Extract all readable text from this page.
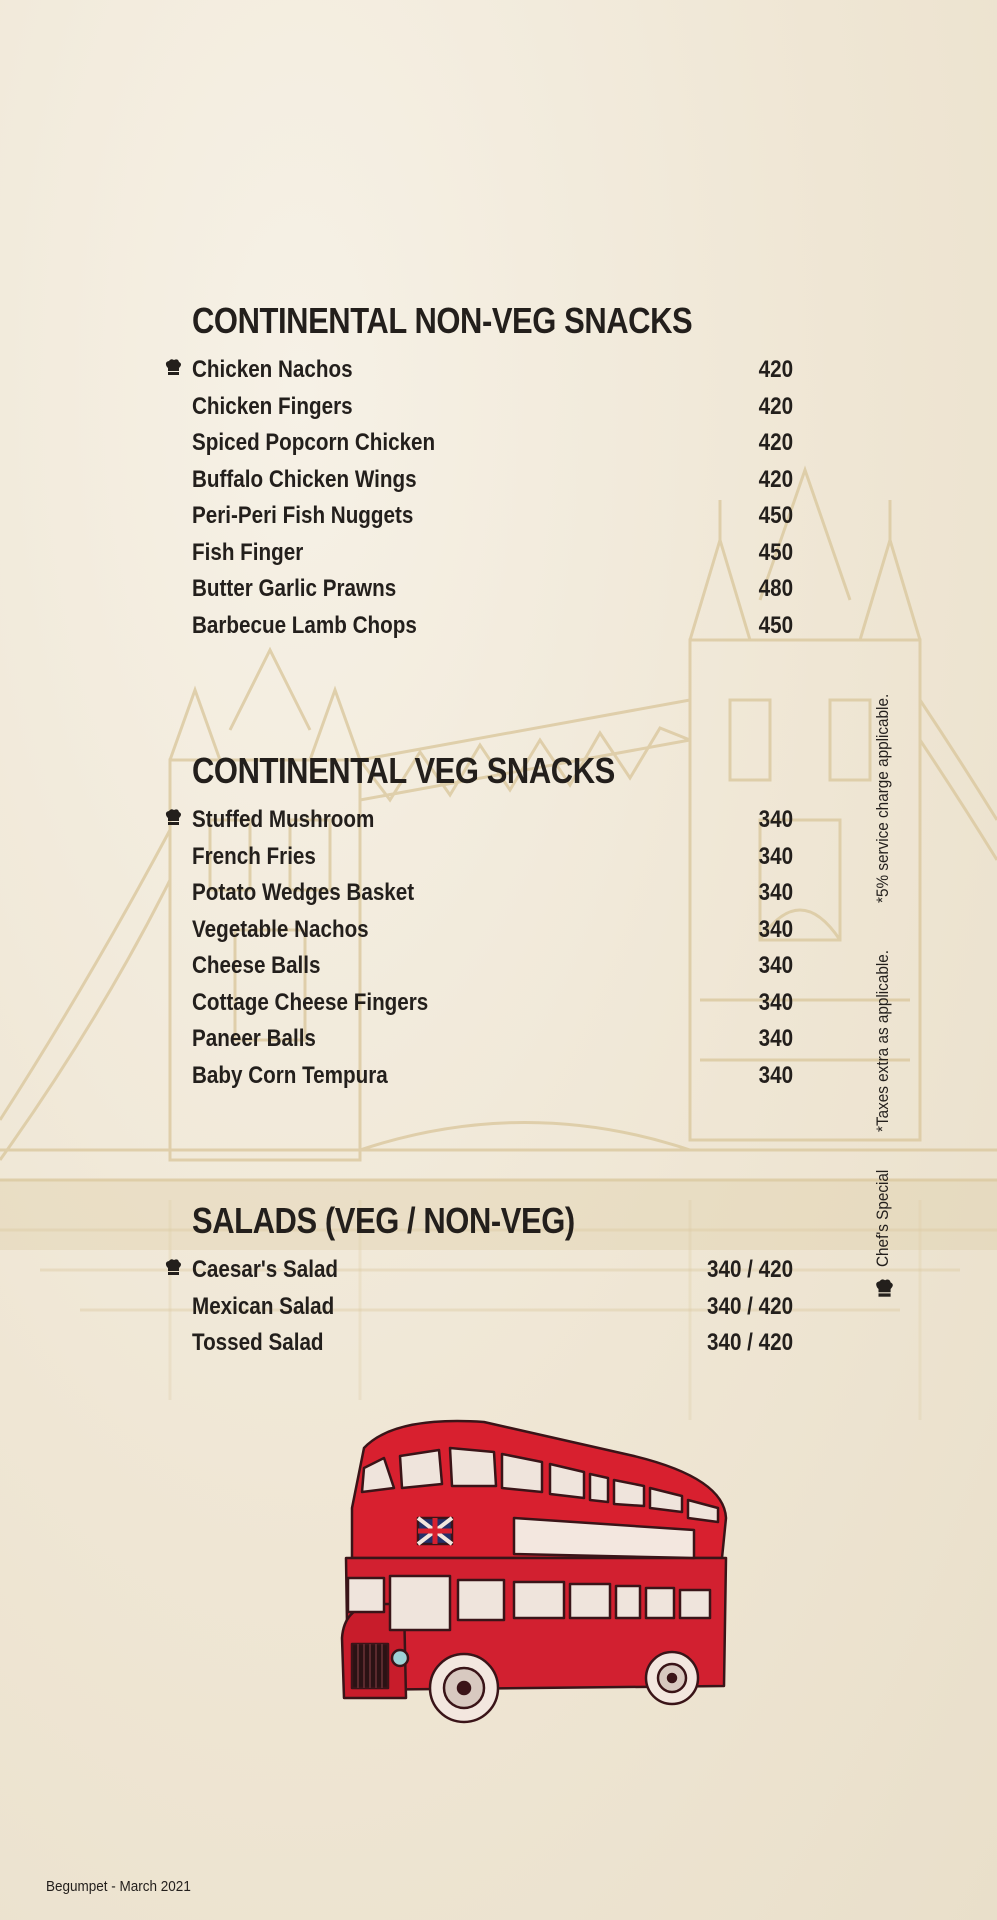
CONTINENTAL NON-VEG SNACKS
Chicken Nachos	420
Chicken Fingers	420
Spiced Popcorn Chicken	420
Buffalo Chicken Wings	420
Peri-Peri Fish Nuggets	450
Fish Finger	450
Butter Garlic Prawns	480
Barbecue Lamb Chops	450
CONTINENTAL VEG SNACKS
Stuffed Mushroom	340
French Fries	340
Potato Wedges Basket	340
Vegetable Nachos	340
Cheese Balls	340
Cottage Cheese Fingers	340
Paneer Balls	340
Baby Corn Tempura	340
SALADS (VEG / NON-VEG)
Caesar's Salad	340 / 420
Mexican Salad	340 / 420
Tossed Salad	340 / 420
Chef's Special *Taxes extra as applicable. *5% service charge applicable.
Begumpet - March 2021
